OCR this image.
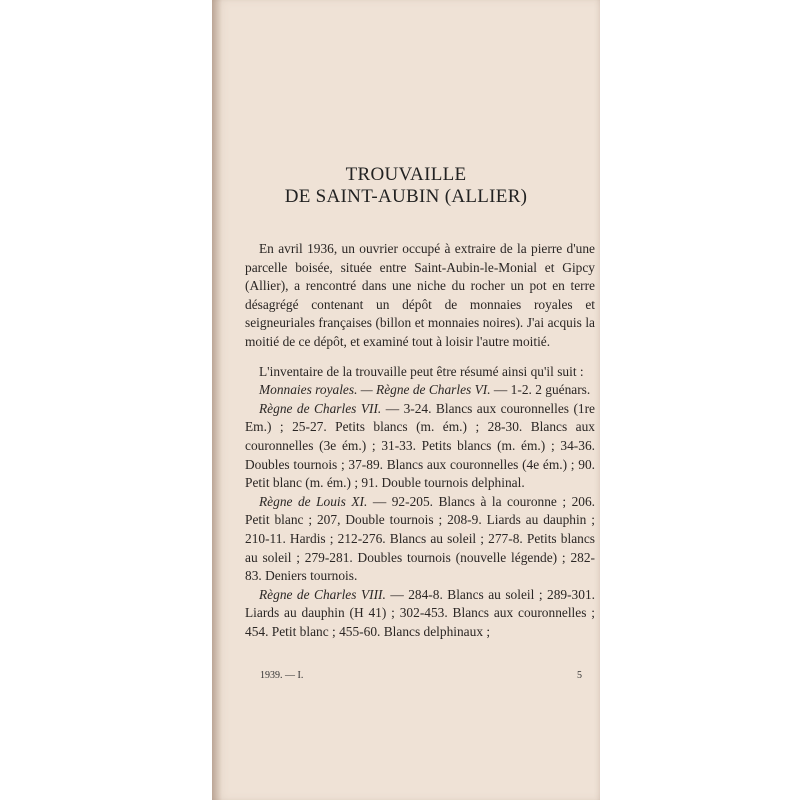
TROUVAILLE
DE SAINT-AUBIN (ALLIER)

En avril 1936, un ouvrier occupé à extraire de la pierre d'une parcelle boisée, située entre Saint-Aubin-le-Monial et Gipcy (Allier), a rencontré dans une niche du rocher un pot en terre désagrégé contenant un dépôt de monnaies royales et seigneuriales françaises (billon et monnaies noires). J'ai acquis la moitié de ce dépôt, et examiné tout à loisir l'autre moitié.

L'inventaire de la trouvaille peut être résumé ainsi qu'il suit :

Monnaies royales. — Règne de Charles VI. — 1-2. 2 guénars.

Règne de Charles VII. — 3-24. Blancs aux couronnelles (1re Em.) ; 25-27. Petits blancs (m. ém.) ; 28-30. Blancs aux couronnelles (3e ém.) ; 31-33. Petits blancs (m. ém.) ; 34-36. Doubles tournois ; 37-89. Blancs aux couronnelles (4e ém.) ; 90. Petit blanc (m. ém.) ; 91. Double tournois delphinal.

Règne de Louis XI. — 92-205. Blancs à la couronne ; 206. Petit blanc ; 207, Double tournois ; 208-9. Liards au dauphin ; 210-11. Hardis ; 212-276. Blancs au soleil ; 277-8. Petits blancs au soleil ; 279-281. Doubles tournois (nouvelle légende) ; 282-83. Deniers tournois.

Règne de Charles VIII. — 284-8. Blancs au soleil ; 289-301. Liards au dauphin (H 41) ; 302-453. Blancs aux couronnelles ; 454. Petit blanc ; 455-60. Blancs delphinaux ;

1939. — I.	5
